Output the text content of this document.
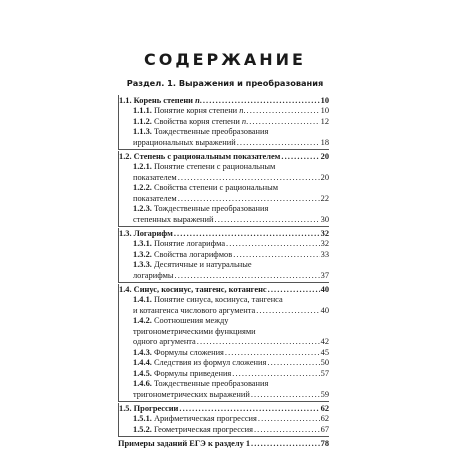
СОДЕРЖАНИЕ
Раздел. 1. Выражения и преобразования
1.1. Корень степени n. . . .	10
1.1.1. Понятие корня степени n. . . .	10
1.1.2. Свойства корня степени n. . . .	12
1.1.3. Тождественные преобразования
иррациональных выражений . . .	18
1.2. Степень с рациональным показателем . . .	20
1.2.1. Понятие степени с рациональным
показателем . . .	20
1.2.2. Свойства степени с рациональным
показателем . . .	22
1.2.3. Тождественные преобразования
степенных выражений . . .	30
1.3. Логарифм . . .	32
1.3.1. Понятие логарифма . . .	32
1.3.2. Свойства логарифмов . . .	33
1.3.3. Десятичные и натуральные
логарифмы . . .	37
1.4. Синус, косинус, тангенс, котангенс . . .	40
1.4.1. Понятие синуса, косинуса, тангенса
и котангенса числового аргумента . . .	40
1.4.2. Соотношения между
тригонометрическими функциями
одного аргумента . . .	42
1.4.3. Формулы сложения . . .	45
1.4.4. Следствия из формул сложения . . .	50
1.4.5. Формулы приведения . . .	57
1.4.6. Тождественные преобразования
тригонометрических выражений . . .	59
1.5. Прогрессии . . .	62
1.5.1. Арифметическая прогрессия . . .	62
1.5.2. Геометрическая прогрессия . . .	67
Примеры заданий ЕГЭ к разделу 1 . . .	78
